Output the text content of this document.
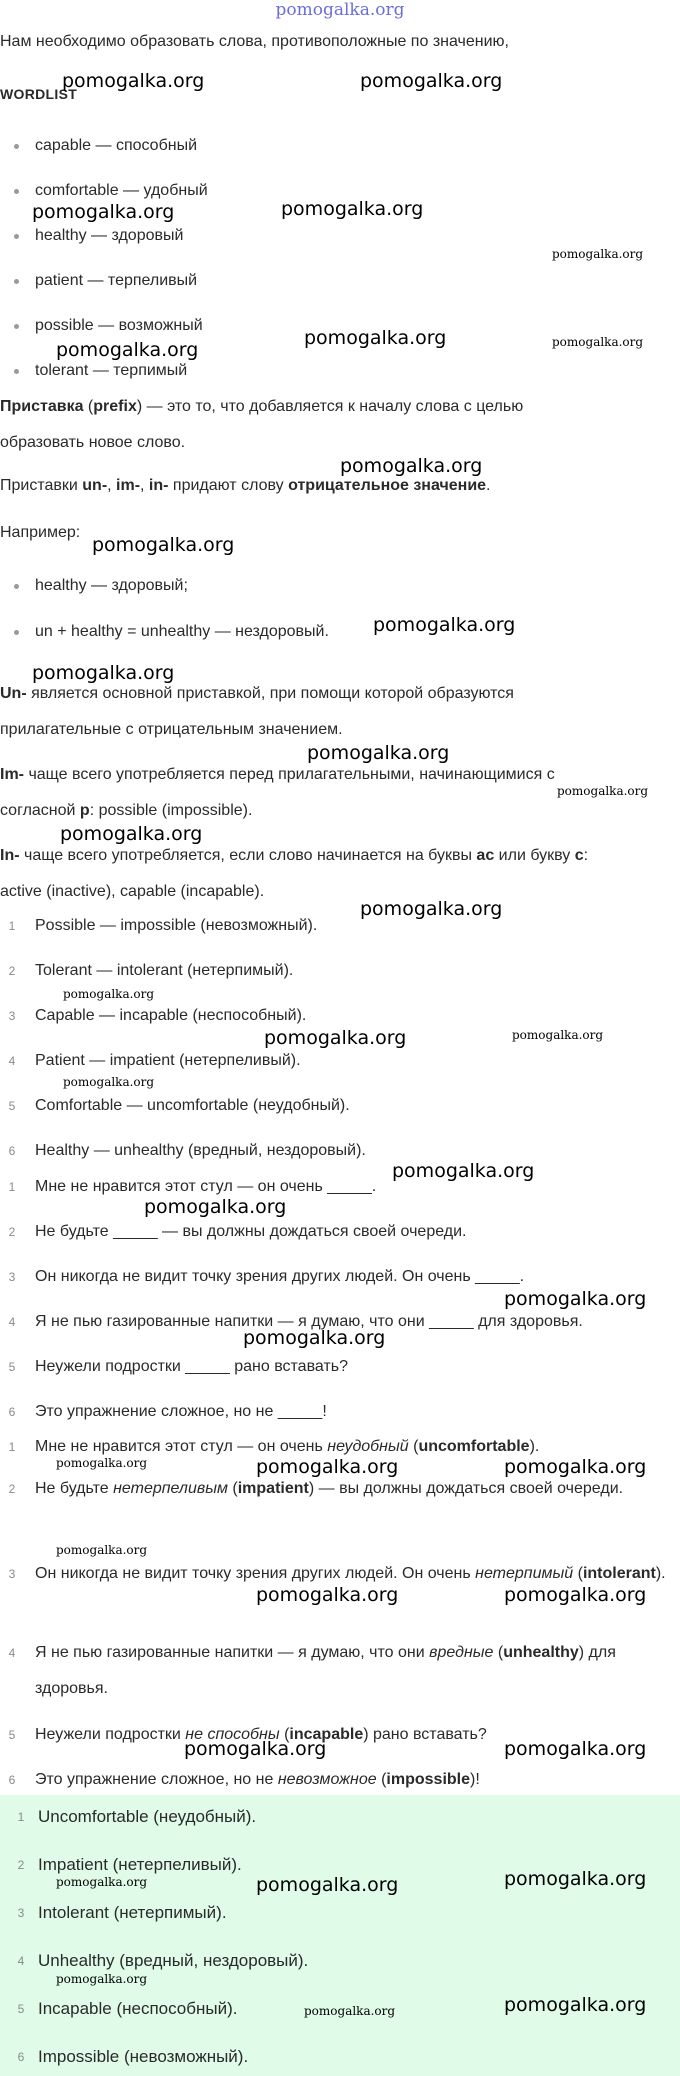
pomogalka.org

Нам необходимо образовать слова, противоположные по значению,

WORDLIST

capable — способный
comfortable — удобный
healthy — здоровый
patient — терпеливый
possible — возможный
tolerant — терпимый

Приставка (prefix) — это то, что добавляется к началу слова с целью

образовать новое слово.

Приставки un-, im-, in- придают слову отрицательное значение.

Например:

healthy — здоровый;
un + healthy = unhealthy — нездоровый.

Un- является основной приставкой, при помощи которой образуются

прилагательные с отрицательным значением.

Im- чаще всего употребляется перед прилагательными, начинающимися с

согласной p: possible (impossible).

In- чаще всего употребляется, если слово начинается на буквы ac или букву c:

active (inactive), capable (incapable).

1	Possible — impossible (невозможный).
2	Tolerant — intolerant (нетерпимый).
3	Capable — incapable (неспособный).
4	Patient — impatient (нетерпеливый).
5	Comfortable — uncomfortable (неудобный).
6	Healthy — unhealthy (вредный, нездоровый).
1	Мне не нравится этот стул — он очень _____.
2	Не будьте _____ — вы должны дождаться своей очереди.
3	Он никогда не видит точку зрения других людей. Он очень _____.
4	Я не пью газированные напитки — я думаю, что они _____ для здоровья.
5	Неужели подростки _____ рано вставать?
6	Это упражнение сложное, но не _____!
1	Мне не нравится этот стул — он очень неудобный (uncomfortable).
2	Не будьте нетерпеливым (impatient) — вы должны дождаться своей очереди.
3	Он никогда не видит точку зрения других людей. Он очень нетерпимый (intolerant).
4	Я не пью газированные напитки — я думаю, что они вредные (unhealthy) для здоровья.
5	Неужели подростки не способны (incapable) рано вставать?
6	Это упражнение сложное, но не невозможное (impossible)!
1 Uncomfortable (неудобный).
2 Impatient (нетерпеливый).
3 Intolerant (нетерпимый).
4 Unhealthy (вредный, нездоровый).
5 Incapable (неспособный).
6 Impossible (невозможный).
pomogalka.org	pomogalka.org
pomogalka.org	pomogalka.org
pomogalka.org
pomogalka.org
pomogalka.org	pomogalka.org
pomogalka.org
pomogalka.org
pomogalka.org
pomogalka.org
pomogalka.org
pomogalka.org
pomogalka.org
pomogalka.org
pomogalka.org
pomogalka.org	pomogalka.org
pomogalka.org
pomogalka.org
pomogalka.org
pomogalka.org
pomogalka.org
pomogalka.org	pomogalka.org	pomogalka.org
pomogalka.org
pomogalka.org	pomogalka.org
pomogalka.org	pomogalka.org
pomogalka.org	pomogalka.org	pomogalka.org
pomogalka.org
pomogalka.org	pomogalka.org
